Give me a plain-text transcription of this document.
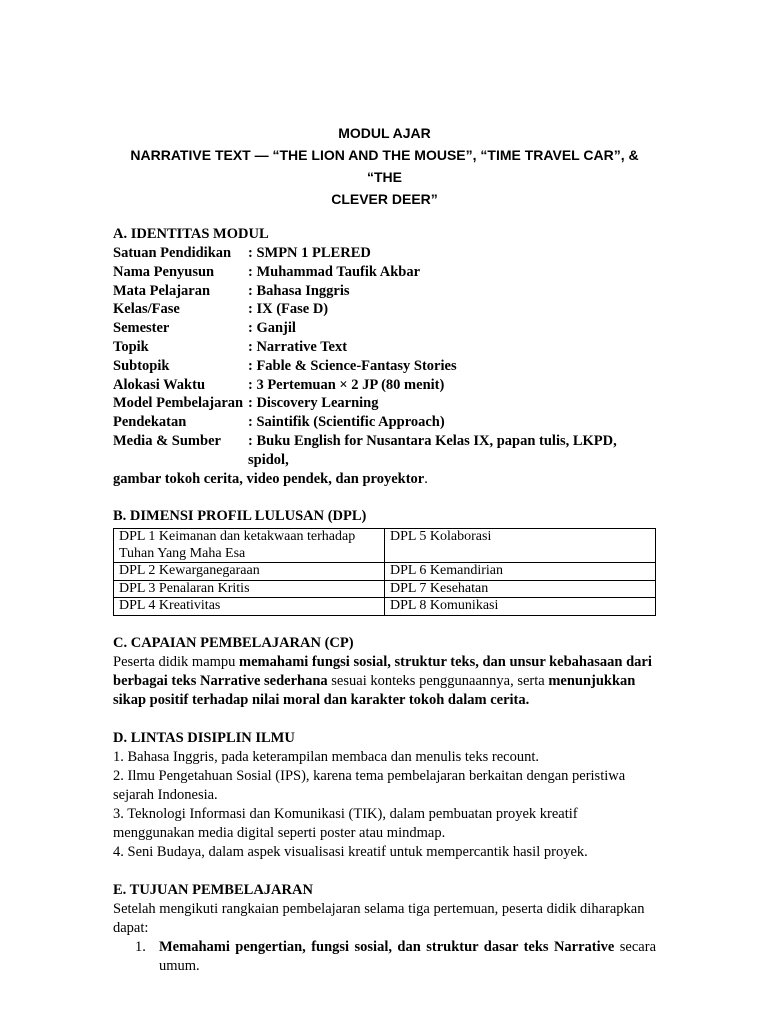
MODUL AJAR

NARRATIVE TEXT — “THE LION AND THE MOUSE”, “TIME TRAVEL CAR”, & “THE

CLEVER DEER”

A. IDENTITAS MODUL

Satuan Pendidikan	: SMPN 1 PLERED
Nama Penyusun	: Muhammad Taufik Akbar
Mata Pelajaran	: Bahasa Inggris
Kelas/Fase	: IX (Fase D)
Semester	: Ganjil
Topik	: Narrative Text
Subtopik	: Fable & Science-Fantasy Stories
Alokasi Waktu	: 3 Pertemuan × 2 JP (80 menit)
Model Pembelajaran : Discovery Learning
Pendekatan	: Saintifik (Scientific Approach)
Media & Sumber	: Buku English for Nusantara Kelas IX, papan tulis, LKPD, spidol,
gambar tokoh cerita, video pendek, dan proyektor.

B. DIMENSI PROFIL LULUSAN (DPL)

DPL 1 Keimanan dan ketakwaan terhadap Tuhan Yang Maha Esa	DPL 5 Kolaborasi
DPL 2 Kewarganegaraan	DPL 6 Kemandirian
DPL 3 Penalaran Kritis	DPL 7 Kesehatan
DPL 4 Kreativitas	DPL 8 Komunikasi

C. CAPAIAN PEMBELAJARAN (CP)

Peserta didik mampu memahami fungsi sosial, struktur teks, dan unsur kebahasaan dari berbagai teks Narrative sederhana sesuai konteks penggunaannya, serta menunjukkan sikap positif terhadap nilai moral dan karakter tokoh dalam cerita.

D. LINTAS DISIPLIN ILMU

1. Bahasa Inggris, pada keterampilan membaca dan menulis teks recount.

2. Ilmu Pengetahuan Sosial (IPS), karena tema pembelajaran berkaitan dengan peristiwa sejarah Indonesia.

3. Teknologi Informasi dan Komunikasi (TIK), dalam pembuatan proyek kreatif menggunakan media digital seperti poster atau mindmap.

4. Seni Budaya, dalam aspek visualisasi kreatif untuk mempercantik hasil proyek.

E. TUJUAN PEMBELAJARAN

Setelah mengikuti rangkaian pembelajaran selama tiga pertemuan, peserta didik diharapkan dapat:

1. Memahami pengertian, fungsi sosial, dan struktur dasar teks Narrative secara umum.
